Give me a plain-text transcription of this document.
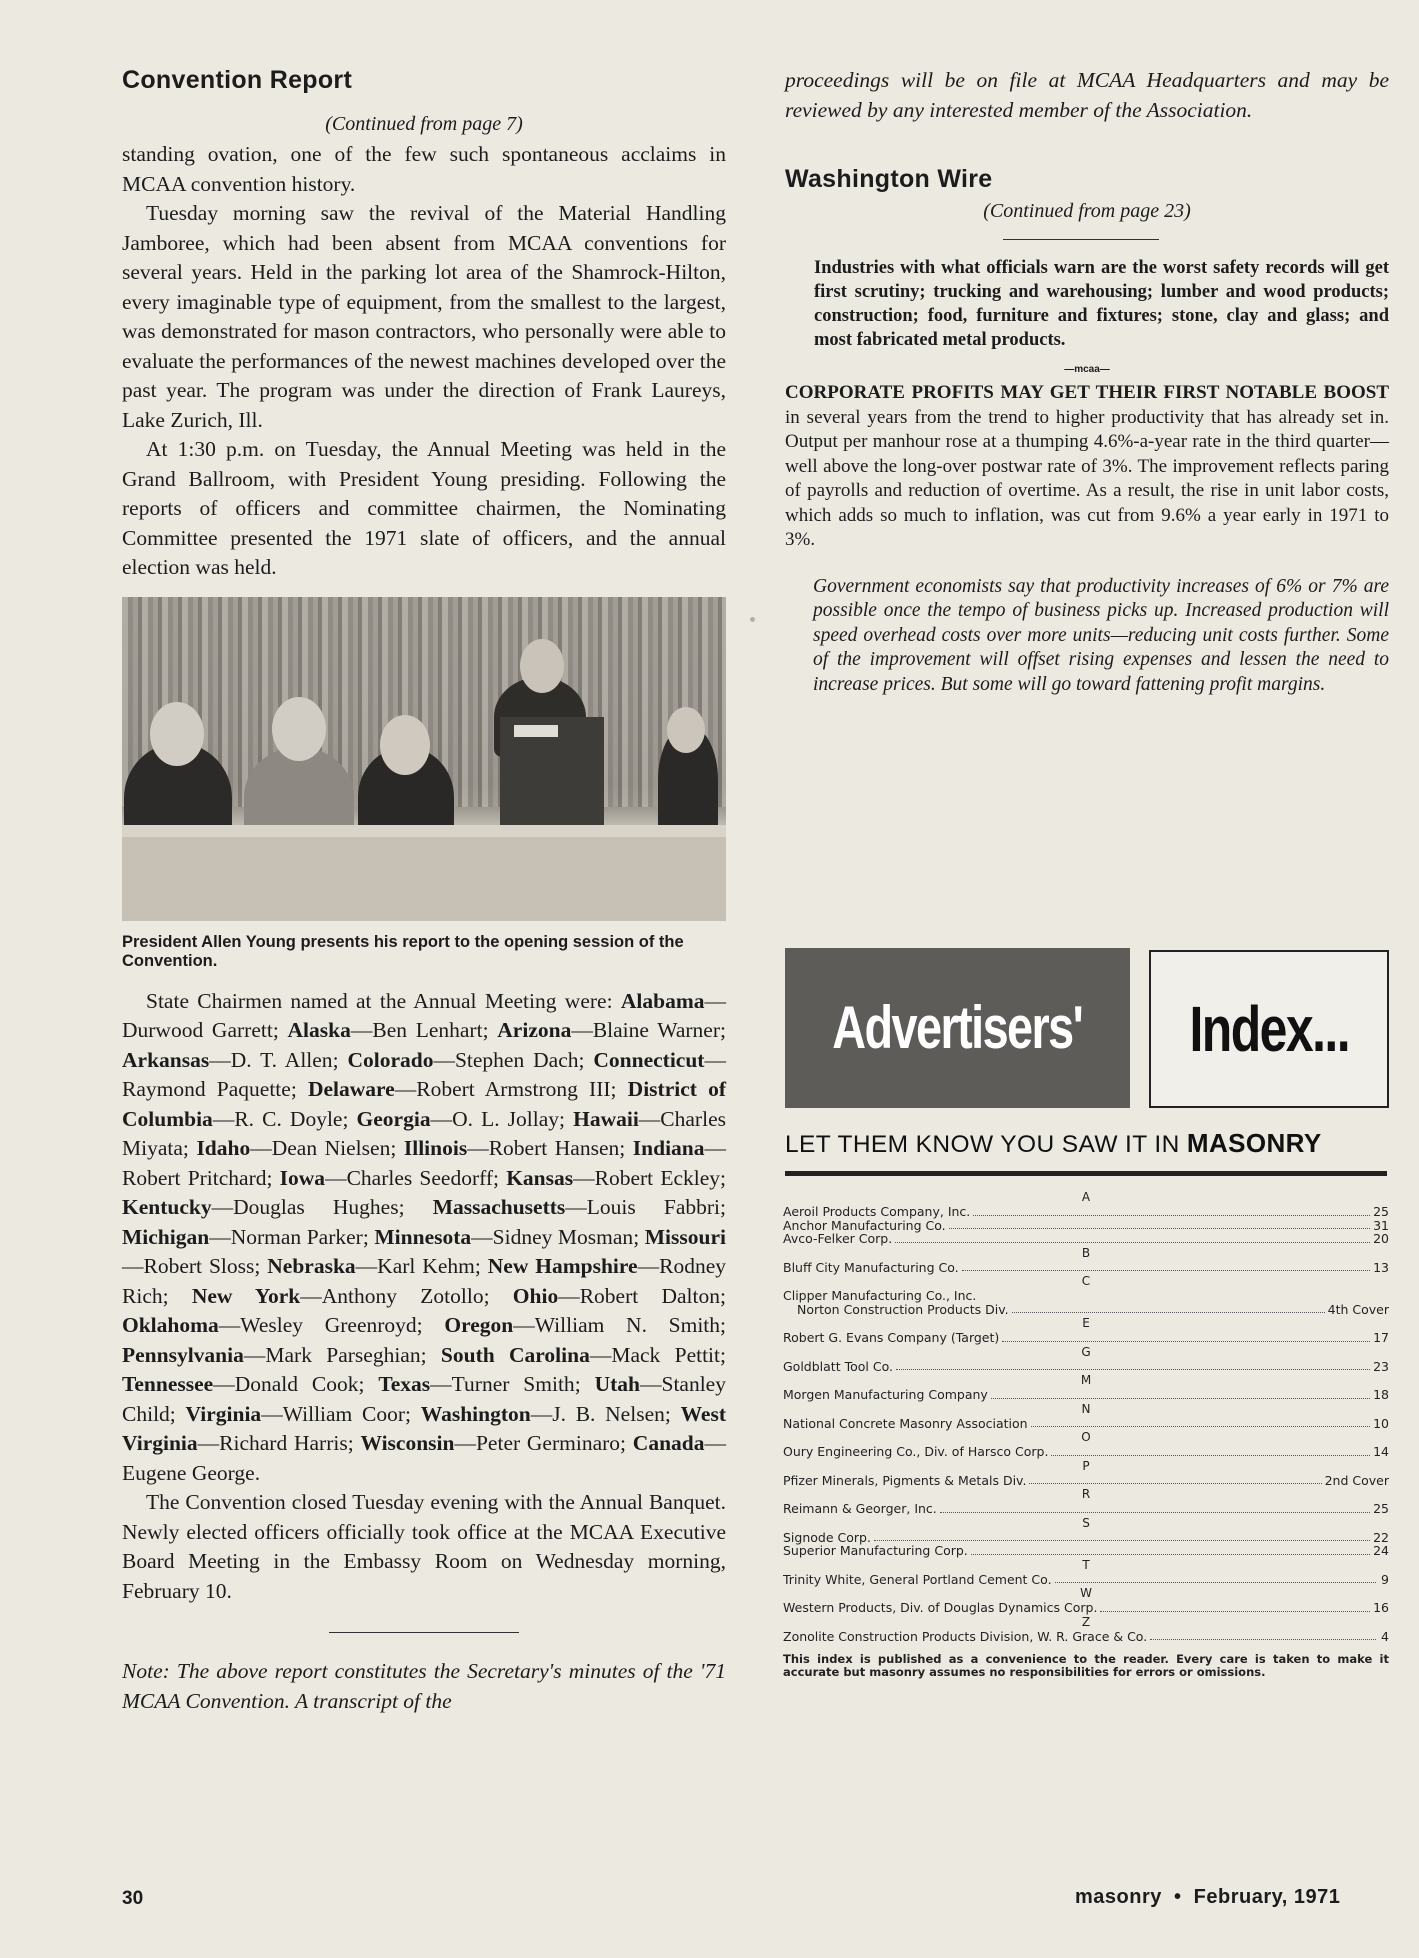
Convention Report
(Continued from page 7)

standing ovation, one of the few such spontaneous acclaims in MCAA convention history.

Tuesday morning saw the revival of the Material Handling Jamboree, which had been absent from MCAA conventions for several years. Held in the parking lot area of the Shamrock-Hilton, every imaginable type of equipment, from the smallest to the largest, was demonstrated for mason contractors, who personally were able to evaluate the performances of the newest machines developed over the past year. The program was under the direction of Frank Laureys, Lake Zurich, Ill.

At 1:30 p.m. on Tuesday, the Annual Meeting was held in the Grand Ballroom, with President Young presiding. Following the reports of officers and committee chairmen, the Nominating Committee presented the 1971 slate of officers, and the annual election was held.

President Allen Young presents his report to the opening session of the Convention.

State Chairmen named at the Annual Meeting were: Alabama—Durwood Garrett; Alaska—Ben Lenhart; Arizona—Blaine Warner; Arkansas—D. T. Allen; Colorado—Stephen Dach; Connecticut—Raymond Paquette; Delaware—Robert Armstrong III; District of Columbia—R. C. Doyle; Georgia—O. L. Jollay; Hawaii—Charles Miyata; Idaho—Dean Nielsen; Illinois—Robert Hansen; Indiana—Robert Pritchard; Iowa—Charles Seedorff; Kansas—Robert Eckley; Kentucky—Douglas Hughes; Massachusetts—Louis Fabbri; Michigan—Norman Parker; Minnesota—Sidney Mosman; Missouri—Robert Sloss; Nebraska—Karl Kehm; New Hampshire—Rodney Rich; New York—Anthony Zotollo; Ohio—Robert Dalton; Oklahoma—Wesley Greenroyd; Oregon—William N. Smith; Pennsylvania—Mark Parseghian; South Carolina—Mack Pettit; Tennessee—Donald Cook; Texas—Turner Smith; Utah—Stanley Child; Virginia—William Coor; Washington—J. B. Nelsen; West Virginia—Richard Harris; Wisconsin—Peter Germinaro; Canada—Eugene George.

The Convention closed Tuesday evening with the Annual Banquet. Newly elected officers officially took office at the MCAA Executive Board Meeting in the Embassy Room on Wednesday morning, February 10.

Note: The above report constitutes the Secretary's minutes of the '71 MCAA Convention. A transcript of the

proceedings will be on file at MCAA Headquarters and may be reviewed by any interested member of the Association.

Washington Wire
(Continued from page 23)

Industries with what officials warn are the worst safety records will get first scrutiny; trucking and warehousing; lumber and wood products; construction; food, furniture and fixtures; stone, clay and glass; and most fabricated metal products.

—mcaa—

CORPORATE PROFITS MAY GET THEIR FIRST NOTABLE BOOST in several years from the trend to higher productivity that has already set in. Output per manhour rose at a thumping 4.6%-a-year rate in the third quarter—well above the long-over postwar rate of 3%. The improvement reflects paring of payrolls and reduction of overtime. As a result, the rise in unit labor costs, which adds so much to inflation, was cut from 9.6% a year early in 1971 to 3%.

Government economists say that productivity increases of 6% or 7% are possible once the tempo of business picks up. Increased production will speed overhead costs over more units—reducing unit costs further. Some of the improvement will offset rising expenses and lessen the need to increase prices. But some will go toward fattening profit margins.

Advertisers'	Index...
LET THEM KNOW YOU SAW IT IN MASONRY
A
Aeroil Products Company, Inc.	25
Anchor Manufacturing Co.	31
Avco-Felker Corp.	20
B
Bluff City Manufacturing Co.	13
C
Clipper Manufacturing Co., Inc.
Norton Construction Products Div.	4th Cover
E
Robert G. Evans Company (Target)	17
G
Goldblatt Tool Co.	23
M
Morgen Manufacturing Company	18
N
National Concrete Masonry Association	10
O
Oury Engineering Co., Div. of Harsco Corp.	14
P
Pfizer Minerals, Pigments & Metals Div.	2nd Cover
R
Reimann & Georger, Inc.	25
S
Signode Corp.	22
Superior Manufacturing Corp.	24
T
Trinity White, General Portland Cement Co.	9
W
Western Products, Div. of Douglas Dynamics Corp.	16
Z
Zonolite Construction Products Division, W. R. Grace & Co.	4
This index is published as a convenience to the reader. Every care is taken to make it accurate but masonry assumes no responsibilities for errors or omissions.
30	masonry • February, 1971
